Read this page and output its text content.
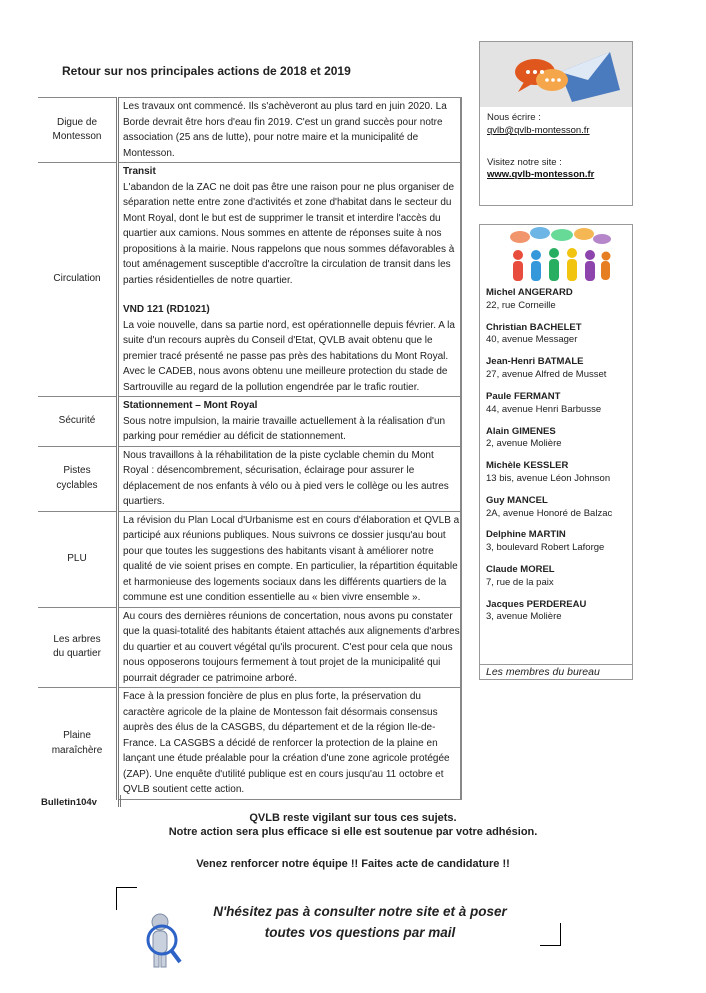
Retour sur nos principales actions de 2018 et 2019
Digue de
Montesson	Les travaux ont commencé. Ils s'achèveront au plus tard en juin 2020. La Borde devrait être hors d'eau fin 2019. C'est un grand succès pour notre association (25 ans de lutte), pour notre maire et la municipalité de Montesson.
Circulation	Transit
L'abandon de la ZAC ne doit pas être une raison pour ne plus organiser de séparation nette entre zone d'activités et zone d'habitat dans le secteur du Mont Royal, dont le but est de supprimer le transit et interdire l'accès du quartier aux camions. Nous sommes en attente de réponses suite à nos propositions à la mairie. Nous rappelons que nous sommes défavorables à tout aménagement susceptible d'accroître la circulation de transit dans les parties résidentielles de notre quartier.
VND 121 (RD1021)
La voie nouvelle, dans sa partie nord, est opérationnelle depuis février. A la suite d'un recours auprès du Conseil d'Etat, QVLB avait obtenu que le premier tracé présenté ne passe pas près des habitations du Mont Royal. Avec le CADEB, nous avons obtenu une meilleure protection du stade de Sartrouville au regard de la pollution engendrée par le trafic routier.
Sécurité	Stationnement – Mont Royal
Sous notre impulsion, la mairie travaille actuellement à la réalisation d'un parking pour remédier au déficit de stationnement.
Pistes
cyclables	Nous travaillons à la réhabilitation de la piste cyclable chemin du Mont Royal : désencombrement, sécurisation, éclairage pour assurer le déplacement de nos enfants à vélo ou à pied vers le collège ou les autres quartiers.
PLU	La révision du Plan Local d'Urbanisme est en cours d'élaboration et QVLB a participé aux réunions publiques. Nous suivrons ce dossier jusqu'au bout pour que toutes les suggestions des habitants visant à améliorer notre qualité de vie soient prises en compte. En particulier, la répartition équitable et harmonieuse des logements sociaux dans les différents quartiers de la commune est une condition essentielle au « bien vivre ensemble ».
Les arbres
du quartier	Au cours des dernières réunions de concertation, nous avons pu constater que la quasi-totalité des habitants étaient attachés aux alignements d'arbres du quartier et au couvert végétal qu'ils procurent. C'est pour cela que nous nous opposerons toujours fermement à tout projet de la municipalité qui pourrait dégrader ce patrimoine arboré.
Plaine
maraîchère	Face à la pression foncière de plus en plus forte, la préservation du caractère agricole de la plaine de Montesson fait désormais consensus auprès des élus de la CASGBS, du département et de la région Ile-de-France. La CASGBS a décidé de renforcer la protection de la plaine en lançant une étude préalable pour la création d'une zone agricole protégée (ZAP). Une enquête d'utilité publique est en cours jusqu'au 11 octobre et QVLB soutient cette action.
Bulletin104v
Nous écrire :
qvlb@qvlb-montesson.fr
Visitez notre site :
www.qvlb-montesson.fr
Michel ANGERARD
22, rue Corneille
Christian BACHELET
40, avenue Messager
Jean-Henri BATMALE
27, avenue Alfred de Musset
Paule FERMANT
44, avenue Henri Barbusse
Alain GIMENES
2, avenue Molière
Michèle KESSLER
13 bis, avenue Léon Johnson
Guy MANCEL
2A, avenue Honoré de Balzac
Delphine MARTIN
3, boulevard Robert Laforge
Claude MOREL
7, rue de la paix
Jacques PERDEREAU
3, avenue Molière
Les membres du bureau
QVLB reste vigilant sur tous ces sujets.
Notre action sera plus efficace si elle est soutenue par votre adhésion.
Venez renforcer notre équipe !! Faites acte de candidature !!
N'hésitez pas à consulter notre site et à poser
toutes vos questions par mail
